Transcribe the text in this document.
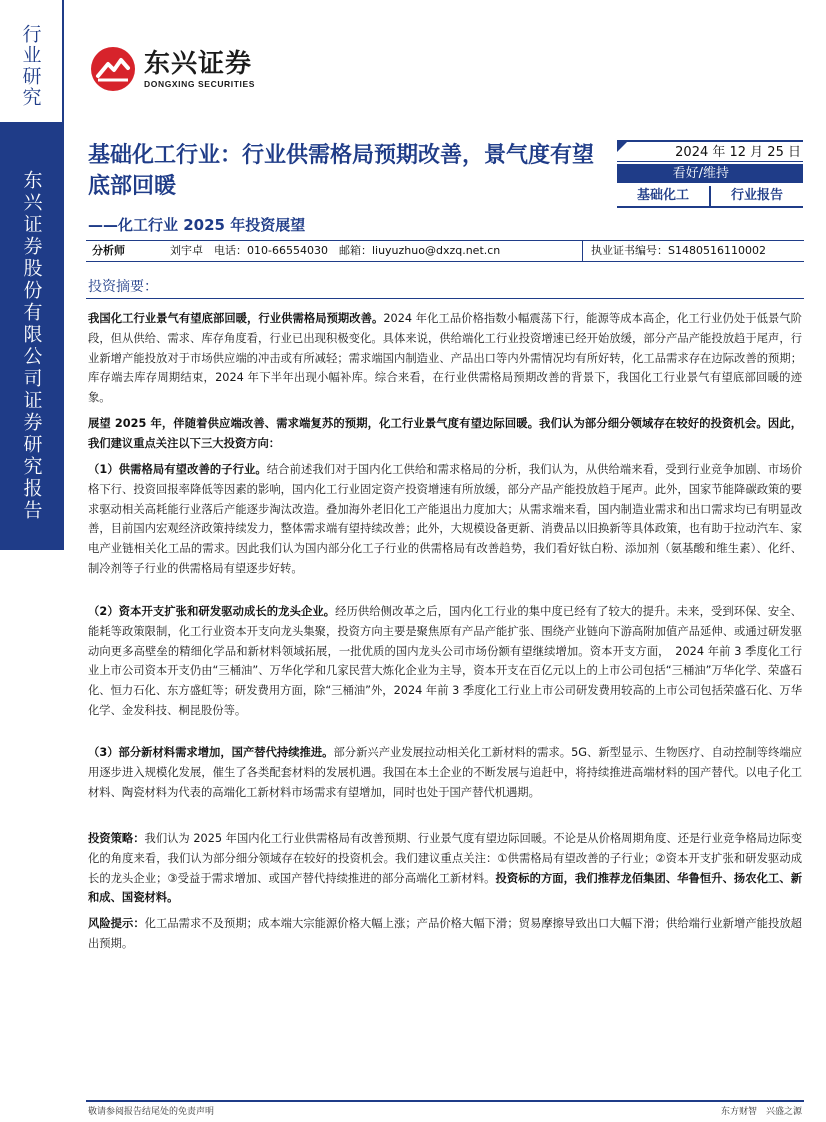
行业研究
东兴证券股份有限公司证券研究报告
东兴证券
DONGXING SECURITIES
基础化工行业：行业供需格局预期改善，景气度有望底部回暖
——化工行业 2025 年投资展望
2024 年 12 月 25 日
看好/维持
基础化工	行业报告
分析师	刘宇卓　电话：010-66554030　邮箱：liuyuzhuo@dxzq.net.cn	执业证书编号：S1480516110002
投资摘要：
我国化工行业景气有望底部回暖，行业供需格局预期改善。2024 年化工品价格指数小幅震荡下行，能源等成本高企，化工行业仍处于低景气阶段，但从供给、需求、库存角度看，行业已出现积极变化。具体来说，供给端化工行业投资增速已经开始放缓，部分产品产能投放趋于尾声，行业新增产能投放对于市场供应端的冲击或有所减轻；需求端国内制造业、产品出口等内外需情况均有所好转，化工品需求存在边际改善的预期；库存端去库存周期结束，2024 年下半年出现小幅补库。综合来看，在行业供需格局预期改善的背景下，我国化工行业景气有望底部回暖的迹象。
展望 2025 年，伴随着供应端改善、需求端复苏的预期，化工行业景气度有望边际回暖。我们认为部分细分领域存在较好的投资机会。因此，我们建议重点关注以下三大投资方向：
（1）供需格局有望改善的子行业。结合前述我们对于国内化工供给和需求格局的分析，我们认为，从供给端来看，受到行业竞争加剧、市场价格下行、投资回报率降低等因素的影响，国内化工行业固定资产投资增速有所放缓，部分产品产能投放趋于尾声。此外，国家节能降碳政策的要求驱动相关高耗能行业落后产能逐步淘汰改造。叠加海外老旧化工产能退出力度加大；从需求端来看，国内制造业需求和出口需求均已有明显改善，目前国内宏观经济政策持续发力，整体需求端有望持续改善；此外，大规模设备更新、消费品以旧换新等具体政策，也有助于拉动汽车、家电产业链相关化工品的需求。因此我们认为国内部分化工子行业的供需格局有改善趋势，我们看好钛白粉、添加剂（氨基酸和维生素）、化纤、制冷剂等子行业的供需格局有望逐步好转。
（2）资本开支扩张和研发驱动成长的龙头企业。经历供给侧改革之后，国内化工行业的集中度已经有了较大的提升。未来，受到环保、安全、能耗等政策限制，化工行业资本开支向龙头集聚，投资方向主要是聚焦原有产品产能扩张、围绕产业链向下游高附加值产品延伸、或通过研发驱动向更多高壁垒的精细化学品和新材料领域拓展，一批优质的国内龙头公司市场份额有望继续增加。资本开支方面，　2024 年前 3 季度化工行业上市公司资本开支仍由“三桶油”、万华化学和几家民营大炼化企业为主导，资本开支在百亿元以上的上市公司包括“三桶油”万华化学、荣盛石化、恒力石化、东方盛虹等；研发费用方面，除“三桶油”外，2024 年前 3 季度化工行业上市公司研发费用较高的上市公司包括荣盛石化、万华化学、金发科技、桐昆股份等。
（3）部分新材料需求增加，国产替代持续推进。部分新兴产业发展拉动相关化工新材料的需求。5G、新型显示、生物医疗、自动控制等终端应用逐步进入规模化发展，催生了各类配套材料的发展机遇。我国在本土企业的不断发展与追赶中，将持续推进高端材料的国产替代。以电子化工材料、陶瓷材料为代表的高端化工新材料市场需求有望增加，同时也处于国产替代机遇期。
投资策略：我们认为 2025 年国内化工行业供需格局有改善预期、行业景气度有望边际回暖。不论是从价格周期角度、还是行业竞争格局边际变化的角度来看，我们认为部分细分领域存在较好的投资机会。我们建议重点关注：①供需格局有望改善的子行业；②资本开支扩张和研发驱动成长的龙头企业；③受益于需求增加、或国产替代持续推进的部分高端化工新材料。投资标的方面，我们推荐龙佰集团、华鲁恒升、扬农化工、新和成、国瓷材料。
风险提示：化工品需求不及预期；成本端大宗能源价格大幅上涨；产品价格大幅下滑；贸易摩擦导致出口大幅下滑；供给端行业新增产能投放超出预期。
敬请参阅报告结尾处的免责声明	东方财智　兴盛之源
